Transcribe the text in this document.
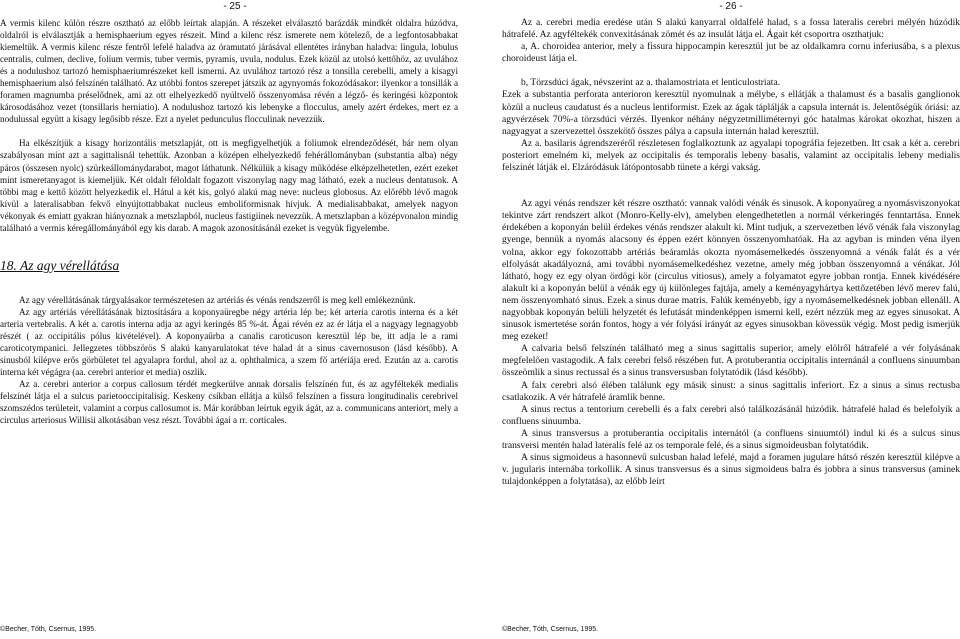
- 25 -

A vermis kilenc külön részre osztható az előbb leírtak alapján. A részeket elválasztó barázdák mindkét oldalra húzódva, oldalról is elválasztják a hemisphaerium egyes részeit. Mind a kilenc rész ismerete nem kötelező, de a legfontosabbakat kiemeltük. A vermis kilenc része fentről lefelé haladva az óramutató járásával ellentétes irányban haladva: lingula, lobulus centralis, culmen, declive, folium vermis, tuber vermis, pyramis, uvula, nodulus. Ezek közül az utolsó kettőhöz, az uvulához és a nodulushoz tartozó hemisphaeriumrészeket kell ismerni. Az uvulához tartozó rész a tonsilla cerebelli, amely a kisagyi hemisphaerium alsó felszínén található. Az utóbbi fontos szerepet játszik az agynyomás fokozódásakor: ilyenkor a tonsillák a foramen magnumba préselődnek, ami az ott elhelyezkedő nyúltvelő összenyomása révén a légző- és keringési központok károsodásához vezet (tonsillaris herniatio). A nodulushoz tartozó kis lebenyke a flocculus, amely azért érdekes, mert ez a nodulussal együtt a kisagy legősibb része. Ezt a nyelet pedunculus flocculinak nevezzük.

Ha elkészítjük a kisagy horizontális metszlapját, ott is megfigyelhetjük a foliumok elrendeződését, bár nem olyan szabályosan mint azt a sagittalisnál tehettük. Azonban a középen elhelyezkedő fehérállományban (substantia alba) négy páros (összesen nyolc) szürkeállománydarabot, magot láthatunk. Nélkülük a kisagy működése elképzelhetetlen, ezért ezeket mint ismeretanyagot is kiemeljük. Két oldalt féloldalt fogazott viszonylag nagy mag látható, ezek a nucleus dentatusok. A többi mag e kettő között helyezkedik el. Hátul a két kis, golyó alakú mag neve: nucleus globosus. Az előrébb lévő magok kívül a lateralisabban fekvő elnyújtottabbakat nucleus emboliformisnak hívjuk. A medialisabbakat, amelyek nagyon vékonyak és emiatt gyakran hiányoznak a metszlapból, nucleus fastigiinek nevezzük. A metszlapban a középvonalon mindig található a vermis kéregállományából egy kis darab. A magok azonosításánál ezeket is vegyük figyelembe.

18. Az agy vérellátása

Az agy vérellátásának tárgyalásakor természetesen az artériás és vénás rendszerről is meg kell emlékeznünk.

Az agy artériás vérellátásának biztosítására a koponyaüregbe négy artéria lép be; két arteria carotis interna és a két arteria vertebralis. A két a. carotis interna adja az agyi keringés 85 %-át. Ágai révén ez az ér látja el a nagyagy legnagyobb részét ( az occipitális pólus kivételével). A koponyaűrba a canalis caroticuson keresztül lép be, itt adja le a rami caroticotympanici. Jellegzetes többszörös S alakú kanyarulatokat téve halad át a sinus cavernosuson (lásd később). A sinusból kilépve erős görbületet tel agyalapra fordul, ahol az a. ophthalmica, a szem fő artériája ered. Ezután az a. carotis interna két végágra (aa. cerebri anterior et media) oszlik.

Az a. cerebri anterior a corpus callosum térdét megkerülve annak dorsalis felszínén fut, és az agyféltekék medialis felszínét látja el a sulcus parietooccipitalisig. Keskeny csíkban ellátja a külső felszínen a fissura longitudinalis cerebrivel szomszédos területeit, valamint a corpus callosumot is. Már korábban leírtuk egyik ágát, az a. communicans anteriort, mely a circulus arteriosus Willisii alkotásában vesz részt. További ágai a rr. corticales.

©Becher, Tóth, Csernus, 1995.
- 26 -

Az a. cerebri media eredése után S alakú kanyarral oldalfelé halad, s a fossa lateralis cerebri mélyén húzódik hátrafelé. Az agyféltekék convexitásának zömét és az insulát látja el. Ágait két csoportra oszthatjuk:

a, A. choroidea anterior, mely a fissura hippocampin keresztül jut be az oldalkamra cornu inferiusába, s a plexus choroideust látja el.

b, Törzsdúci ágak, névszerint az a. thalamostriata et lenticulostriata.

Ezek a substantia perforata anterioron keresztül nyomulnak a mélybe, s ellátják a thalamust és a basalis ganglionok közül a nucleus caudatust és a nucleus lentiformist. Ezek az ágak táplálják a capsula internát is. Jelentőségük óriási: az agyvérzések 70%-a törzsdúci vérzés. Ilyenkor néhány négyzetmilliméternyi góc hatalmas károkat okozhat, hiszen a nagyagyat a szervezettel összekötő összes pálya a capsula internán halad keresztül.

Az a. basilaris ágrendszeréről részletesen foglalkoztunk az agyalapi topográfia fejezetben. Itt csak a két a. cerebri posteriort emelném ki, melyek az occipitalis és temporalis lebeny basalis, valamint az occipitalis lebeny medialis felszínét látják el. Elzáródásuk látópontosabb tünete a kérgi vakság.

Az agyi vénás rendszer két részre osztható: vannak valódi vénák és sinusok. A koponyaüreg a nyomásviszonyokat tekintve zárt rendszert alkot (Monro-Kelly-elv), amelyben elengedhetetlen a normál vérkeringés fenntartása. Ennek érdekében a koponyán belül érdekes vénás rendszer alakult ki. Mint tudjuk, a szervezetben lévő vénák fala viszonylag gyenge, bennük a nyomás alacsony és éppen ezért könnyen összenyomhatóak. Ha az agyban is minden véna ilyen volna, akkor egy fokozottabb artériás beáramlás okozta nyomásemelkedés összenyomná a vénák falát és a vér elfolyását akadályozná, ami további nyomásemelkedéshez vezetne, amely még jobban összenyomná a vénákat. Jól látható, hogy ez egy olyan ördögi kör (circulus vitiosus), amely a folyamatot egyre jobban rontja. Ennek kivédésére alakult ki a koponyán belül a vénák egy új különleges fajtája, amely a keményagyhártya kettőzetében lévő merev falú, nem összenyomható sinus. Ezek a sinus durae matris. Falúk keményebb, így a nyomásemelkedésnek jobban ellenáll. A nagyobbak koponyán belüli helyzetét és lefutását mindenképpen ismerni kell, ezért nézzük meg az egyes sinusokat. A sinusok ismertetése során fontos, hogy a vér folyási irányát az egyes sinusokban kövessük végig. Most pedig ismerjük meg ezeket!

A calvaria belső felszínén található meg a sinus sagittalis superior, amely elölről hátrafelé a vér folyásának megfelelően vastagodik. A falx cerebri felső részében fut. A protuberantia occipitalis internánál a confluens sinuumban összeömlik a sinus rectussal és a sinus transversusban folytatódik (lásd később).

A falx cerebri alsó élében találunk egy másik sinust: a sinus sagittalis inferiort. Ez a sinus a sinus rectusba csatlakozik. A vér hátrafelé áramlik benne.

A sinus rectus a tentorium cerebelli és a falx cerebri alsó találkozásánál húzódik. hátrafelé halad és belefolyik a confluens sinuumba.

A sinus transversus a protuberantia occipitalis internától (a confluens sinuumtól) indul ki és a sulcus sinus transversi mentén halad lateralis felé az os temporale felé, és a sinus sigmoideusban folytatódik.

A sinus sigmoideus a hasonnevű sulcusban halad lefelé, majd a foramen jugulare hátsó részén keresztül kilépve a v. jugularis internába torkollik. A sinus transversus és a sinus sigmoideus balra és jobbra a sinus transversus (aminek tulajdonképpen a folytatása), az előbb leírt

©Becher, Tóth, Csernus, 1995.
